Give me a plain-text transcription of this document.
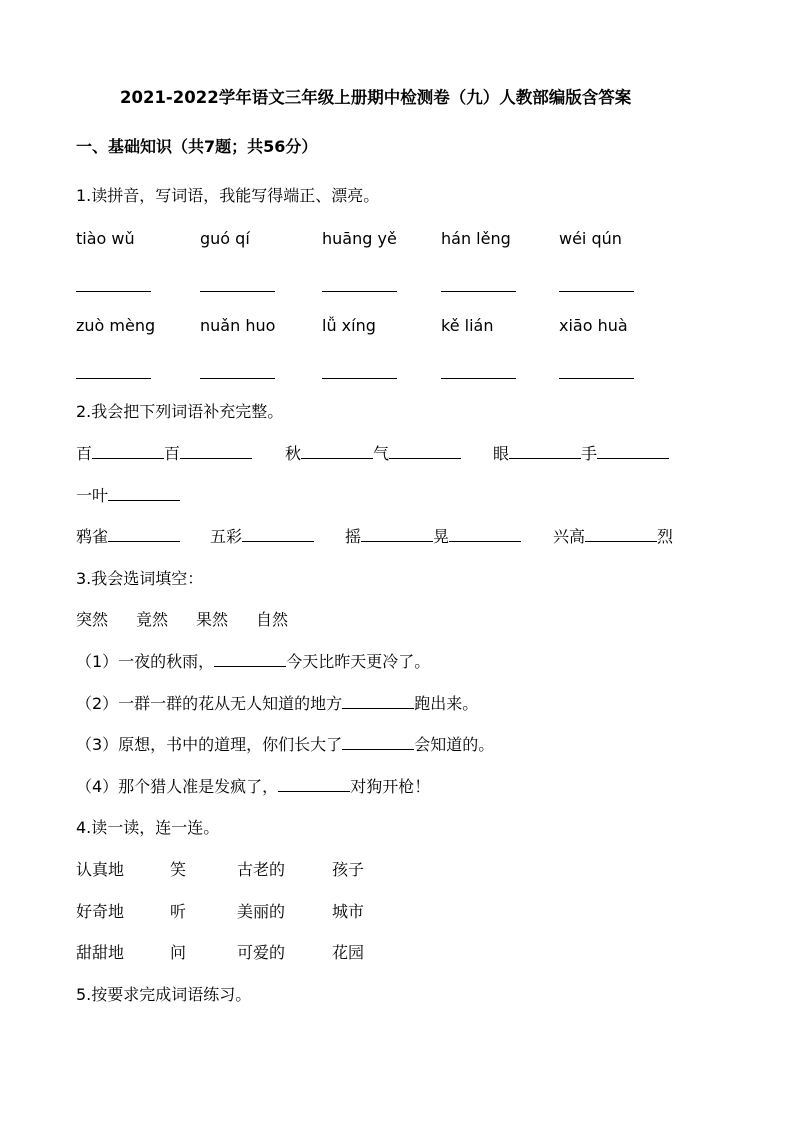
2021-2022学年语文三年级上册期中检测卷（九）人教部编版含答案
一、基础知识（共7题；共56分）
1.读拼音，写词语，我能写得端正、漂亮。
tiào wǔ	guó qí	huāng yě	hán lěng	wéi qún
zuò mèng	nuǎn huo	lǚ xíng	kě lián	xiāo huà
2.我会把下列词语补充完整。
百	百	秋	气	眼	手
一叶
鸦雀	五彩	摇	晃	兴高	烈
3.我会选词填空：
突然 竟然 果然 自然
（1）一夜的秋雨，	今天比昨天更冷了。
（2）一群一群的花从无人知道的地方	跑出来。
（3）原想，书中的道理，你们长大了	会知道的。
（4）那个猎人准是发疯了，	对狗开枪！
4.读一读，连一连。
认真地	笑	古老的	孩子
好奇地	听	美丽的	城市
甜甜地	问	可爱的	花园
5.按要求完成词语练习。
